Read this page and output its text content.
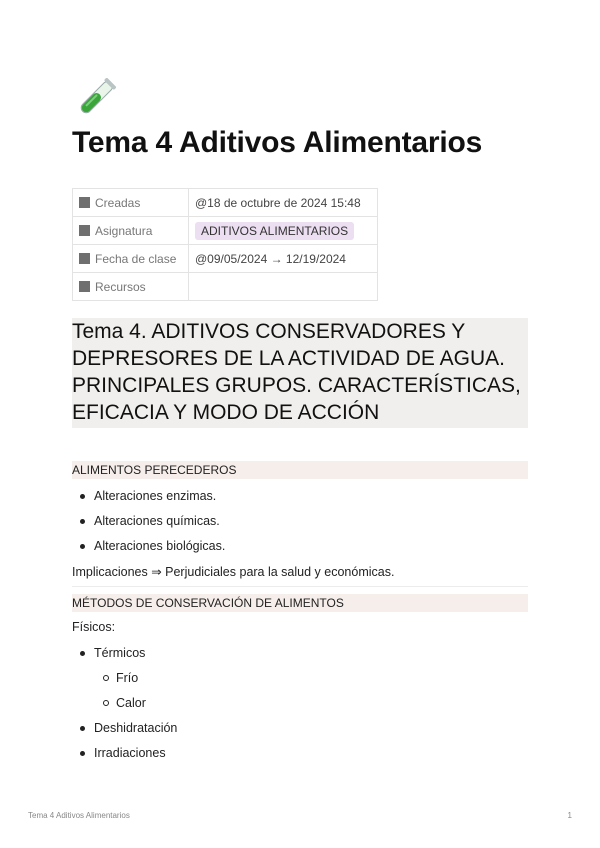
Tema 4 Aditivos Alimentarios
Creadas	@18 de octubre de 2024 15:48
Asignatura	ADITIVOS ALIMENTARIOS
Fecha de clase	@09/05/2024 → 12/19/2024
Recursos	
Tema 4. ADITIVOS CONSERVADORES Y DEPRESORES DE LA ACTIVIDAD DE AGUA. PRINCIPALES GRUPOS. CARACTERÍSTICAS, EFICACIA Y MODO DE ACCIÓN
ALIMENTOS PERECEDEROS
Alteraciones enzimas.
Alteraciones químicas.
Alteraciones biológicas.

Implicaciones ⇒ Perjudiciales para la salud y económicas.

MÉTODOS DE CONSERVACIÓN DE ALIMENTOS

Físicos:

Térmicos
Frío
Calor
Deshidratación
Irradiaciones
Tema 4 Aditivos Alimentarios	1
